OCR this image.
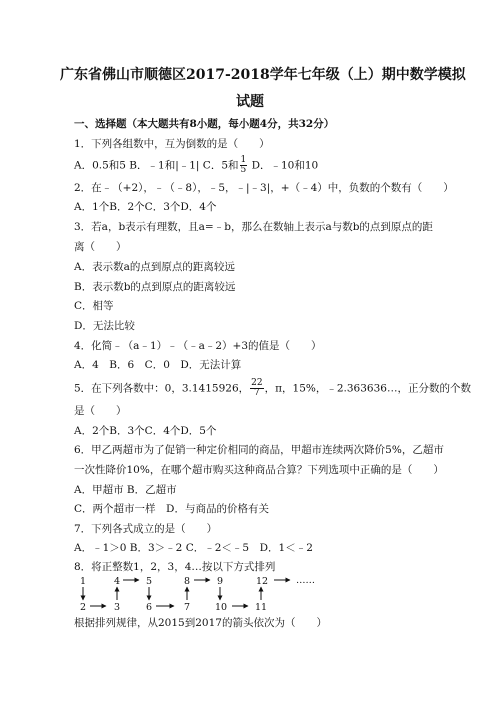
广东省佛山市顺德区2017-2018学年七年级（上）期中数学模拟
试题
一、选择题（本大题共有8小题，每小题4分，共32分）
1．下列各组数中，互为倒数的是（　　）
A．0.5和5 B．﹣1和|﹣1| C．5和 $\frac{1}{5}$ D．﹣10和10
2．在﹣（+2），﹣（﹣8），﹣5，﹣|﹣3|，+（﹣4）中，负数的个数有（　　）
A．1个B．2个C．3个D．4个
3．若a，b表示有理数，且a=﹣b，那么在数轴上表示a与数b的点到原点的距
离（　　）
A．表示数a的点到原点的距离较远
B．表示数b的点到原点的距离较远
C．相等
D．无法比较
4．化简﹣（a﹣1）﹣（﹣a﹣2）+3的值是（　　）
A．4　B．6　C．0　D．无法计算
5．在下列各数中：0，3.1415926， $\frac{22}{7}$ ，π，15%，﹣2.363636…，正分数的个数
是（　　）
A．2个B．3个C．4个D．5个
6．甲乙两超市为了促销一种定价相同的商品，甲超市连续两次降价5%，乙超市
一次性降价10%，在哪个超市购买这种商品合算？下列选项中正确的是（　　）
A．甲超市 B．乙超市
C．两个超市一样　D．与商品的价格有关
7．下列各式成立的是（　　）
A．﹣1＞0 B．3＞﹣2 C．﹣2＜﹣5　D．1＜﹣2
8．将正整数1，2，3，4…按以下方式排列
1	4	5	8	9	12	……
2	3	6	7	10	11
根据排列规律，从2015到2017的箭头依次为（　　）
